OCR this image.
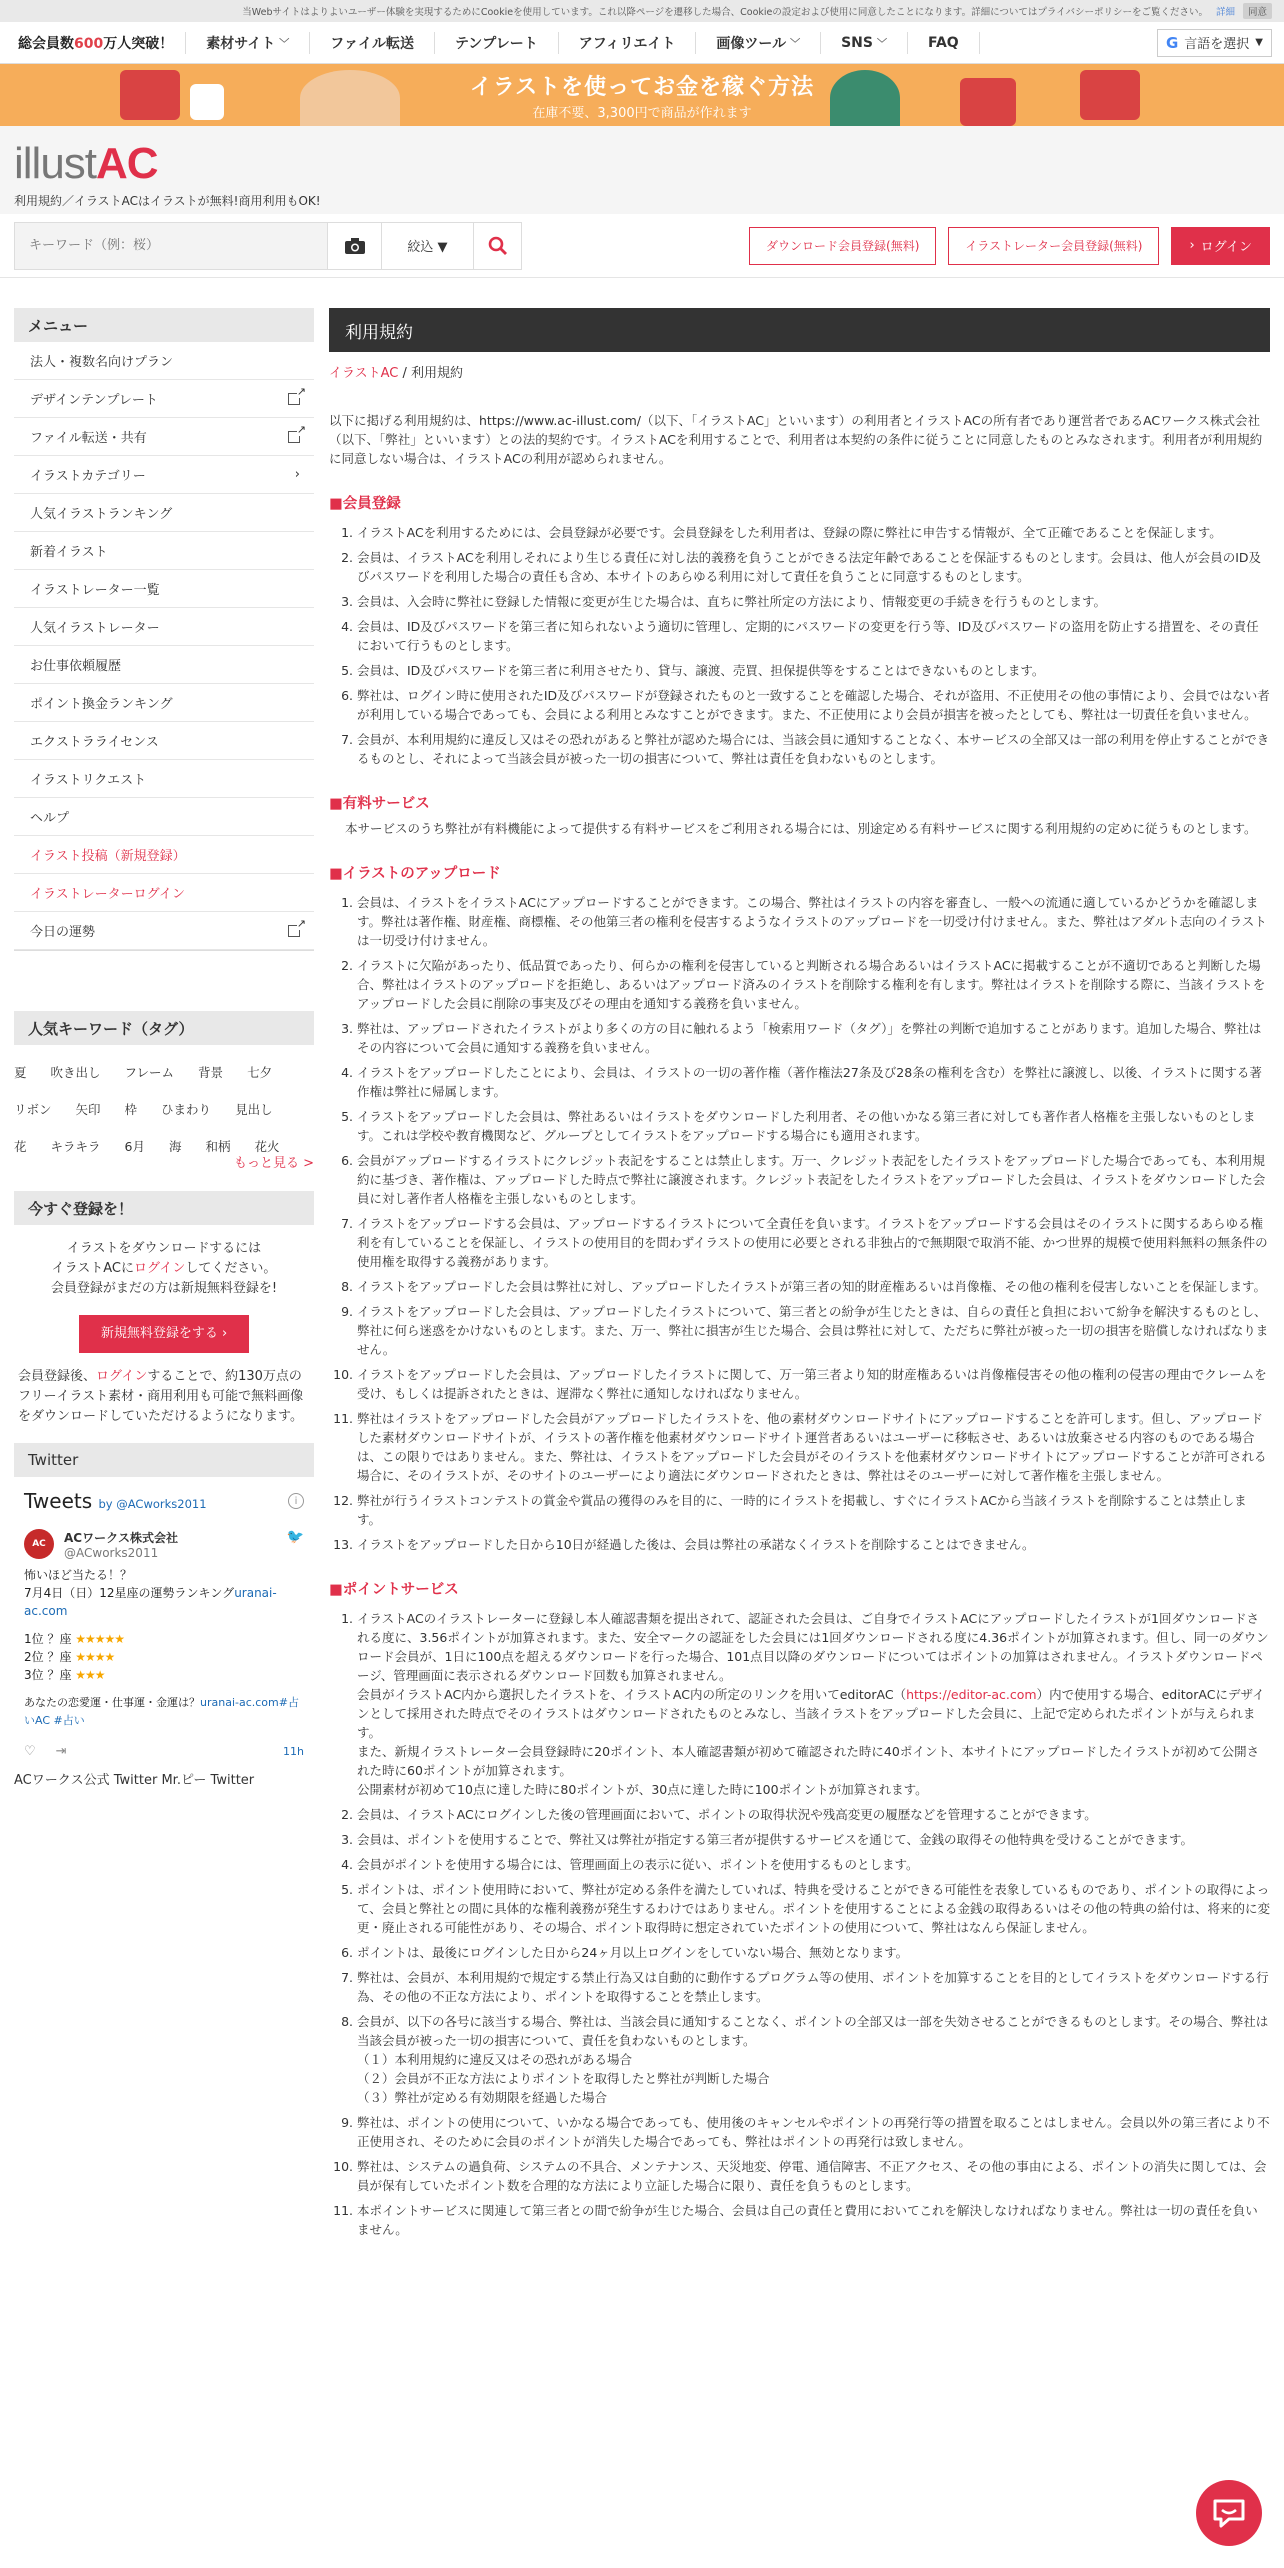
当Webサイトはよりよいユーザー体験を実現するためにCookieを使用しています。これ以降ページを遷移した場合、Cookieの設定および使用に同意したことになります。詳細についてはプライバシーポリシーをご覧ください。 詳細	同意
総会員数600万人突破！ 素材サイト ﹀	ファイル転送	テンプレート	アフィリエイト	画像ツール ﹀	SNS ﹀	FAQ	G 言語を選択 ▼
イラストを使ってお金を稼ぐ方法
在庫不要、3,300円で商品が作れます
illustAC
利用規約／イラストACはイラストが無料!商用利用もOK!
キーワード（例：桜）
絞込 ▼	ダウンロード会員登録(無料)	イラストレーター会員登録(無料)	› ログイン
メニュー
法人・複数名向けプラン
デザインテンプレート
↗
ファイル転送・共有
↗
イラストカテゴリー	›
人気イラストランキング
新着イラスト
イラストレーター一覧
人気イラストレーター
お仕事依頼履歴
ポイント換金ランキング
エクストラライセンス
イラストリクエスト
ヘルプ
イラスト投稿（新規登録）
イラストレーターログイン
今日の運勢
↗
人気キーワード（タグ）
夏 吹き出し フレーム 背景 七夕
リボン 矢印 枠 ひまわり 見出し
花 キラキラ 6月 海 和柄 花火
もっと見る >
今すぐ登録を！
イラストをダウンロードするには
イラストACにログインしてください。
会員登録がまだの方は新規無料登録を!
新規無料登録をする ›
会員登録後、ログインすることで、約130万点のフリーイラスト素材・商用利用も可能で無料画像をダウンロードしていただけるようになります。
Twitter
Tweets by @ACworks2011	i
AC	ACワークス株式会社
@ACworks2011
🐦
怖いほど当たる！？
7月4日（日）12星座の運勢ランキングuranai-ac.com
1位 ？座 ★★★★★
2位 ？座 ★★★★
3位 ？座 ★★★
あなたの恋愛運・仕事運・金運は？uranai-ac.com#占いAC #占い
♡ ⇥	11h
ACワークス公式 Twitter Mr.ピー Twitter
利用規約
イラストAC / 利用規約
以下に掲げる利用規約は、https://www.ac-illust.com/（以下、「イラストAC」といいます）の利用者とイラストACの所有者であり運営者であるACワークス株式会社（以下、「弊社」といいます）との法的契約です。イラストACを利用することで、利用者は本契約の条件に従うことに同意したものとみなされます。利用者が利用規約に同意しない場合は、イラストACの利用が認められません。
■会員登録
1. イラストACを利用するためには、会員登録が必要です。会員登録をした利用者は、登録の際に弊社に申告する情報が、全て正確であることを保証します。
2. 会員は、イラストACを利用しそれにより生じる責任に対し法的義務を負うことができる法定年齢であることを保証するものとします。会員は、他人が会員のID及びパスワードを利用した場合の責任も含め、本サイトのあらゆる利用に対して責任を負うことに同意するものとします。
3. 会員は、入会時に弊社に登録した情報に変更が生じた場合は、直ちに弊社所定の方法により、情報変更の手続きを行うものとします。
4. 会員は、ID及びパスワードを第三者に知られないよう適切に管理し、定期的にパスワードの変更を行う等、ID及びパスワードの盗用を防止する措置を、その責任において行うものとします。
5. 会員は、ID及びパスワードを第三者に利用させたり、貸与、譲渡、売買、担保提供等をすることはできないものとします。
6. 弊社は、ログイン時に使用されたID及びパスワードが登録されたものと一致することを確認した場合、それが盗用、不正使用その他の事情により、会員ではない者が利用している場合であっても、会員による利用とみなすことができます。また、不正使用により会員が損害を被ったとしても、弊社は一切責任を負いません。
7. 会員が、本利用規約に違反し又はその恐れがあると弊社が認めた場合には、当該会員に通知することなく、本サービスの全部又は一部の利用を停止することができるものとし、それによって当該会員が被った一切の損害について、弊社は責任を負わないものとします。
■有料サービス
本サービスのうち弊社が有料機能によって提供する有料サービスをご利用される場合には、別途定める有料サービスに関する利用規約の定めに従うものとします。
■イラストのアップロード
1. 会員は、イラストをイラストACにアップロードすることができます。この場合、弊社はイラストの内容を審査し、一般への流通に適しているかどうかを確認します。弊社は著作権、財産権、商標権、その他第三者の権利を侵害するようなイラストのアップロードを一切受け付けません。また、弊社はアダルト志向のイラストは一切受け付けません。
2. イラストに欠陥があったり、低品質であったり、何らかの権利を侵害していると判断される場合あるいはイラストACに掲載することが不適切であると判断した場合、弊社はイラストのアップロードを拒絶し、あるいはアップロード済みのイラストを削除する権利を有します。弊社はイラストを削除する際に、当該イラストをアップロードした会員に削除の事実及びその理由を通知する義務を負いません。
3. 弊社は、アップロードされたイラストがより多くの方の目に触れるよう「検索用ワード（タグ）」を弊社の判断で追加することがあります。追加した場合、弊社はその内容について会員に通知する義務を負いません。
4. イラストをアップロードしたことにより、会員は、イラストの一切の著作権（著作権法27条及び28条の権利を含む）を弊社に譲渡し、以後、イラストに関する著作権は弊社に帰属します。
5. イラストをアップロードした会員は、弊社あるいはイラストをダウンロードした利用者、その他いかなる第三者に対しても著作者人格権を主張しないものとします。これは学校や教育機関など、グループとしてイラストをアップロードする場合にも適用されます。
6. 会員がアップロードするイラストにクレジット表記をすることは禁止します。万一、クレジット表記をしたイラストをアップロードした場合であっても、本利用規約に基づき、著作権は、アップロードした時点で弊社に譲渡されます。クレジット表記をしたイラストをアップロードした会員は、イラストをダウンロードした会員に対し著作者人格権を主張しないものとします。
7. イラストをアップロードする会員は、アップロードするイラストについて全責任を負います。イラストをアップロードする会員はそのイラストに関するあらゆる権利を有していることを保証し、イラストの使用目的を問わずイラストの使用に必要とされる非独占的で無期限で取消不能、かつ世界的規模で使用料無料の無条件の使用権を取得する義務があります。
8. イラストをアップロードした会員は弊社に対し、アップロードしたイラストが第三者の知的財産権あるいは肖像権、その他の権利を侵害しないことを保証します。
9. イラストをアップロードした会員は、アップロードしたイラストについて、第三者との紛争が生じたときは、自らの責任と負担において紛争を解決するものとし、弊社に何ら迷惑をかけないものとします。また、万一、弊社に損害が生じた場合、会員は弊社に対して、ただちに弊社が被った一切の損害を賠償しなければなりません。
10. イラストをアップロードした会員は、アップロードしたイラストに関して、万一第三者より知的財産権あるいは肖像権侵害その他の権利の侵害の理由でクレームを受け、もしくは提訴されたときは、遅滞なく弊社に通知しなければなりません。
11. 弊社はイラストをアップロードした会員がアップロードしたイラストを、他の素材ダウンロードサイトにアップロードすることを許可します。但し、アップロードした素材ダウンロードサイトが、イラストの著作権を他素材ダウンロードサイト運営者あるいはユーザーに移転させ、あるいは放棄させる内容のものである場合は、この限りではありません。また、弊社は、イラストをアップロードした会員がそのイラストを他素材ダウンロードサイトにアップロードすることが許可される場合に、そのイラストが、そのサイトのユーザーにより適法にダウンロードされたときは、弊社はそのユーザーに対して著作権を主張しません。
12. 弊社が行うイラストコンテストの賞金や賞品の獲得のみを目的に、一時的にイラストを掲載し、すぐにイラストACから当該イラストを削除することは禁止します。
13. イラストをアップロードした日から10日が経過した後は、会員は弊社の承諾なくイラストを削除することはできません。
■ポイントサービス
1. イラストACのイラストレーターに登録し本人確認書類を提出されて、認証された会員は、ご自身でイラストACにアップロードしたイラストが1回ダウンロードされる度に、3.56ポイントが加算されます。また、安全マークの認証をした会員には1回ダウンロードされる度に4.36ポイントが加算されます。但し、同一のダウンロード会員が、1日に100点を超えるダウンロードを行った場合、101点目以降のダウンロードについてはポイントの加算はされません。イラストダウンロードページ、管理画面に表示されるダウンロード回数も加算されません。
会員がイラストAC内から選択したイラストを、イラストAC内の所定のリンクを用いてeditorAC（https://editor-ac.com）内で使用する場合、editorACにデザインとして採用された時点でそのイラストはダウンロードされたものとみなし、当該イラストをアップロードした会員に、上記で定められたポイントが与えられます。
また、新規イラストレーター会員登録時に20ポイント、本人確認書類が初めて確認された時に40ポイント、本サイトにアップロードしたイラストが初めて公開された時に60ポイントが加算されます。
公開素材が初めて10点に達した時に80ポイントが、30点に達した時に100ポイントが加算されます。
2. 会員は、イラストACにログインした後の管理画面において、ポイントの取得状況や残高変更の履歴などを管理することができます。
3. 会員は、ポイントを使用することで、弊社又は弊社が指定する第三者が提供するサービスを通じて、金銭の取得その他特典を受けることができます。
4. 会員がポイントを使用する場合には、管理画面上の表示に従い、ポイントを使用するものとします。
5. ポイントは、ポイント使用時において、弊社が定める条件を満たしていれば、特典を受けることができる可能性を表象しているものであり、ポイントの取得によって、会員と弊社との間に具体的な権利義務が発生するわけではありません。ポイントを使用することによる金銭の取得あるいはその他の特典の給付は、将来的に変更・廃止される可能性があり、その場合、ポイント取得時に想定されていたポイントの使用について、弊社はなんら保証しません。
6. ポイントは、最後にログインした日から24ヶ月以上ログインをしていない場合、無効となります。
7. 弊社は、会員が、本利用規約で規定する禁止行為又は自動的に動作するプログラム等の使用、ポイントを加算することを目的としてイラストをダウンロードする行為、その他の不正な方法により、ポイントを取得することを禁止します。
8. 会員が、以下の各号に該当する場合、弊社は、当該会員に通知することなく、ポイントの全部又は一部を失効させることができるものとします。その場合、弊社は当該会員が被った一切の損害について、責任を負わないものとします。
（１）本利用規約に違反又はその恐れがある場合
（２）会員が不正な方法によりポイントを取得したと弊社が判断した場合
（３）弊社が定める有効期限を経過した場合
9. 弊社は、ポイントの使用について、いかなる場合であっても、使用後のキャンセルやポイントの再発行等の措置を取ることはしません。会員以外の第三者により不正使用され、そのために会員のポイントが消失した場合であっても、弊社はポイントの再発行は致しません。
10. 弊社は、システムの過負荷、システムの不具合、メンテナンス、天災地変、停電、通信障害、不正アクセス、その他の事由による、ポイントの消失に関しては、会員が保有していたポイント数を合理的な方法により立証した場合に限り、責任を負うものとします。
11. 本ポイントサービスに関連して第三者との間で紛争が生じた場合、会員は自己の責任と費用においてこれを解決しなければなりません。弊社は一切の責任を負いません。
